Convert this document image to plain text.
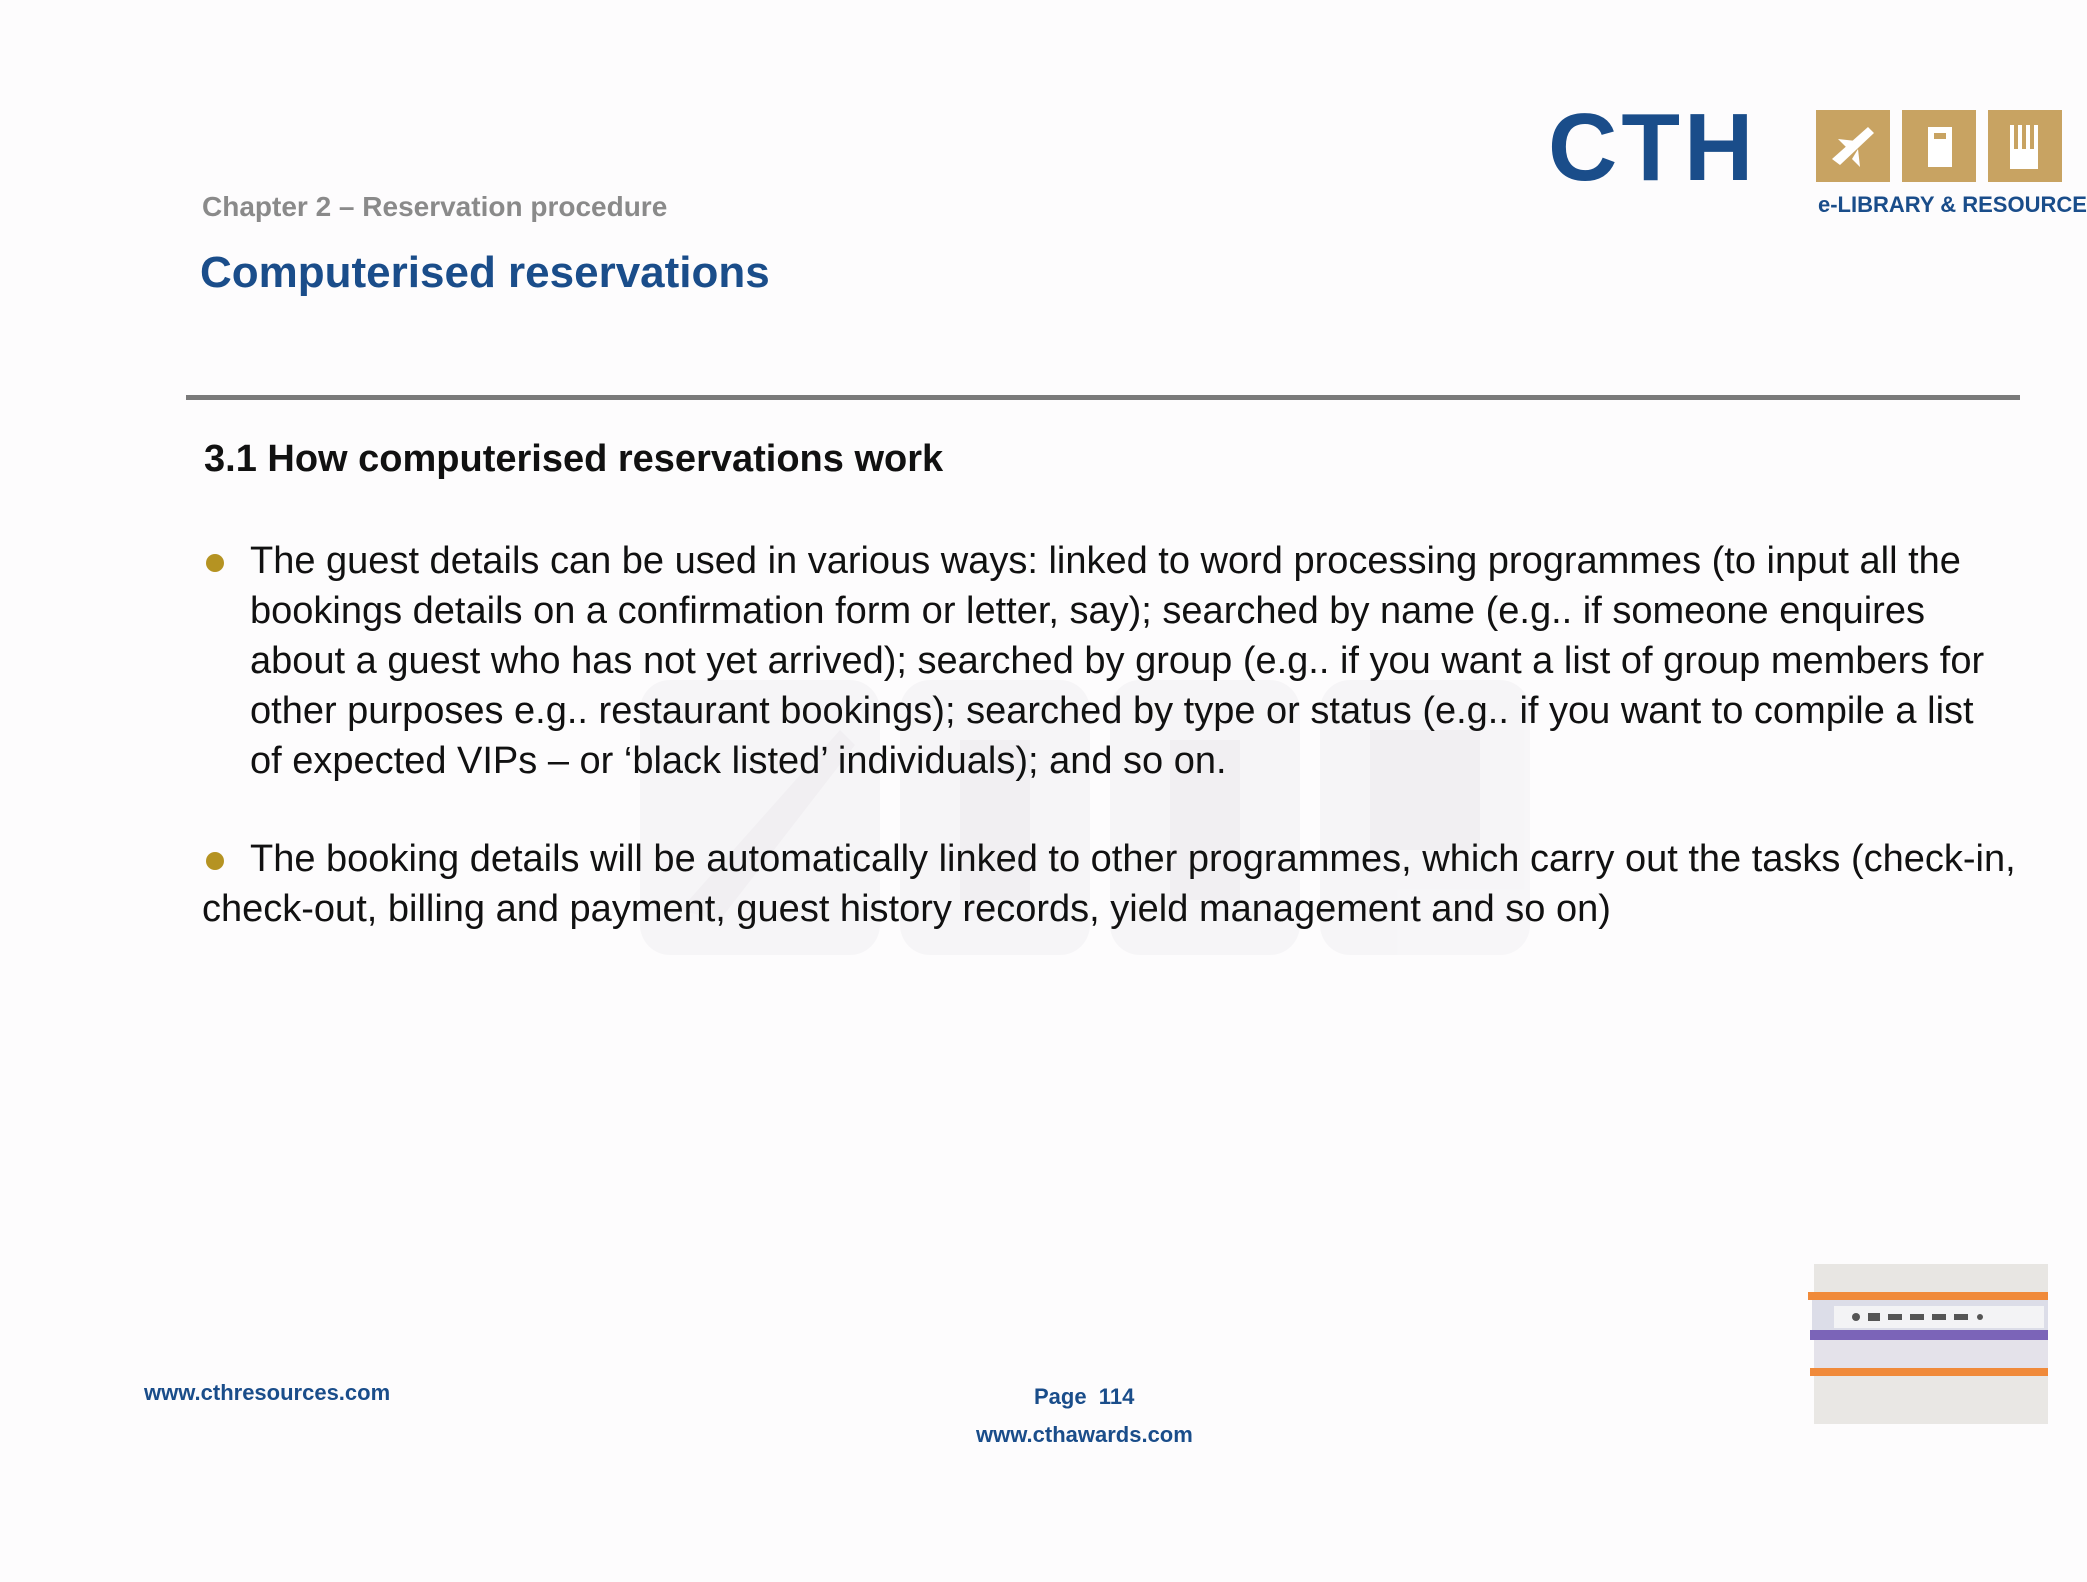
CTH
e-LIBRARY & RESOURCE
Chapter 2 – Reservation procedure
Computerised reservations
3.1 How computerised reservations work
The guest details can be used in various ways: linked to word processing programmes (to input all the bookings details on a confirmation form or letter, say); searched by name (e.g.. if someone enquires about a guest who has not yet arrived); searched by group (e.g.. if you want a list of group members for other purposes e.g.. restaurant bookings); searched by type or status (e.g.. if you want to compile a list of expected VIPs – or ‘black listed’ individuals); and so on.
The booking details will be automatically linked to other programmes, which carry out the tasks (check-in, check-out, billing and payment, guest history records, yield management and so on)
www.cthresources.com	Page  114
www.cthawards.com
